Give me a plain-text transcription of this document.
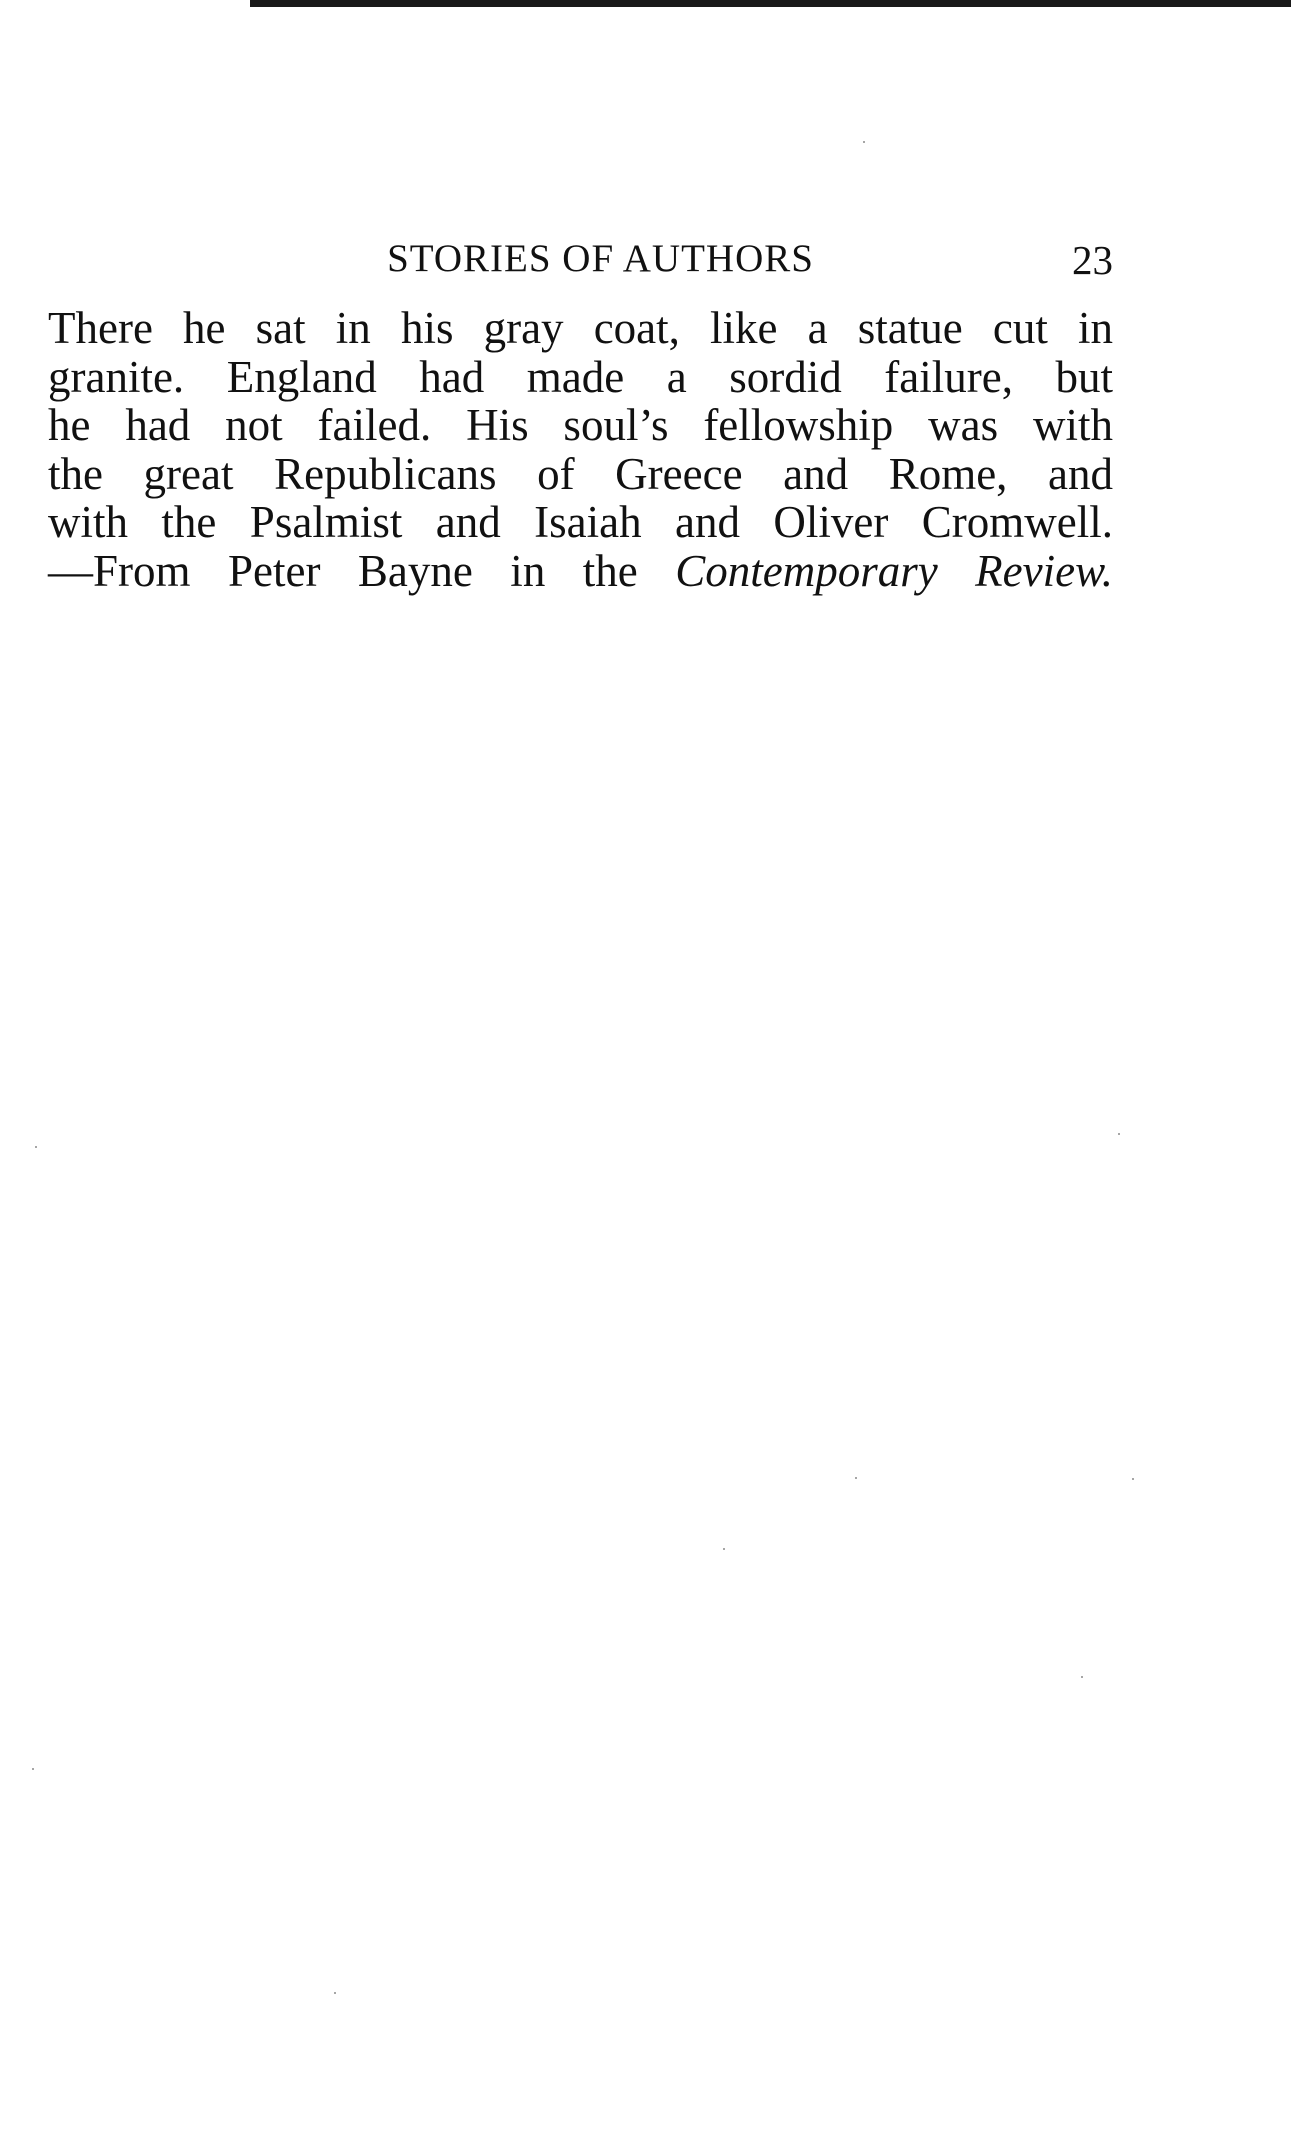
STORIES OF AUTHORS	23
There he sat in his gray coat, like a statue cut in
granite. England had made a sordid failure, but
he had not failed. His soul’s fellowship was with
the great Republicans of Greece and Rome, and
with the Psalmist and Isaiah and Oliver Cromwell.
—From Peter Bayne in the Contemporary Review.
